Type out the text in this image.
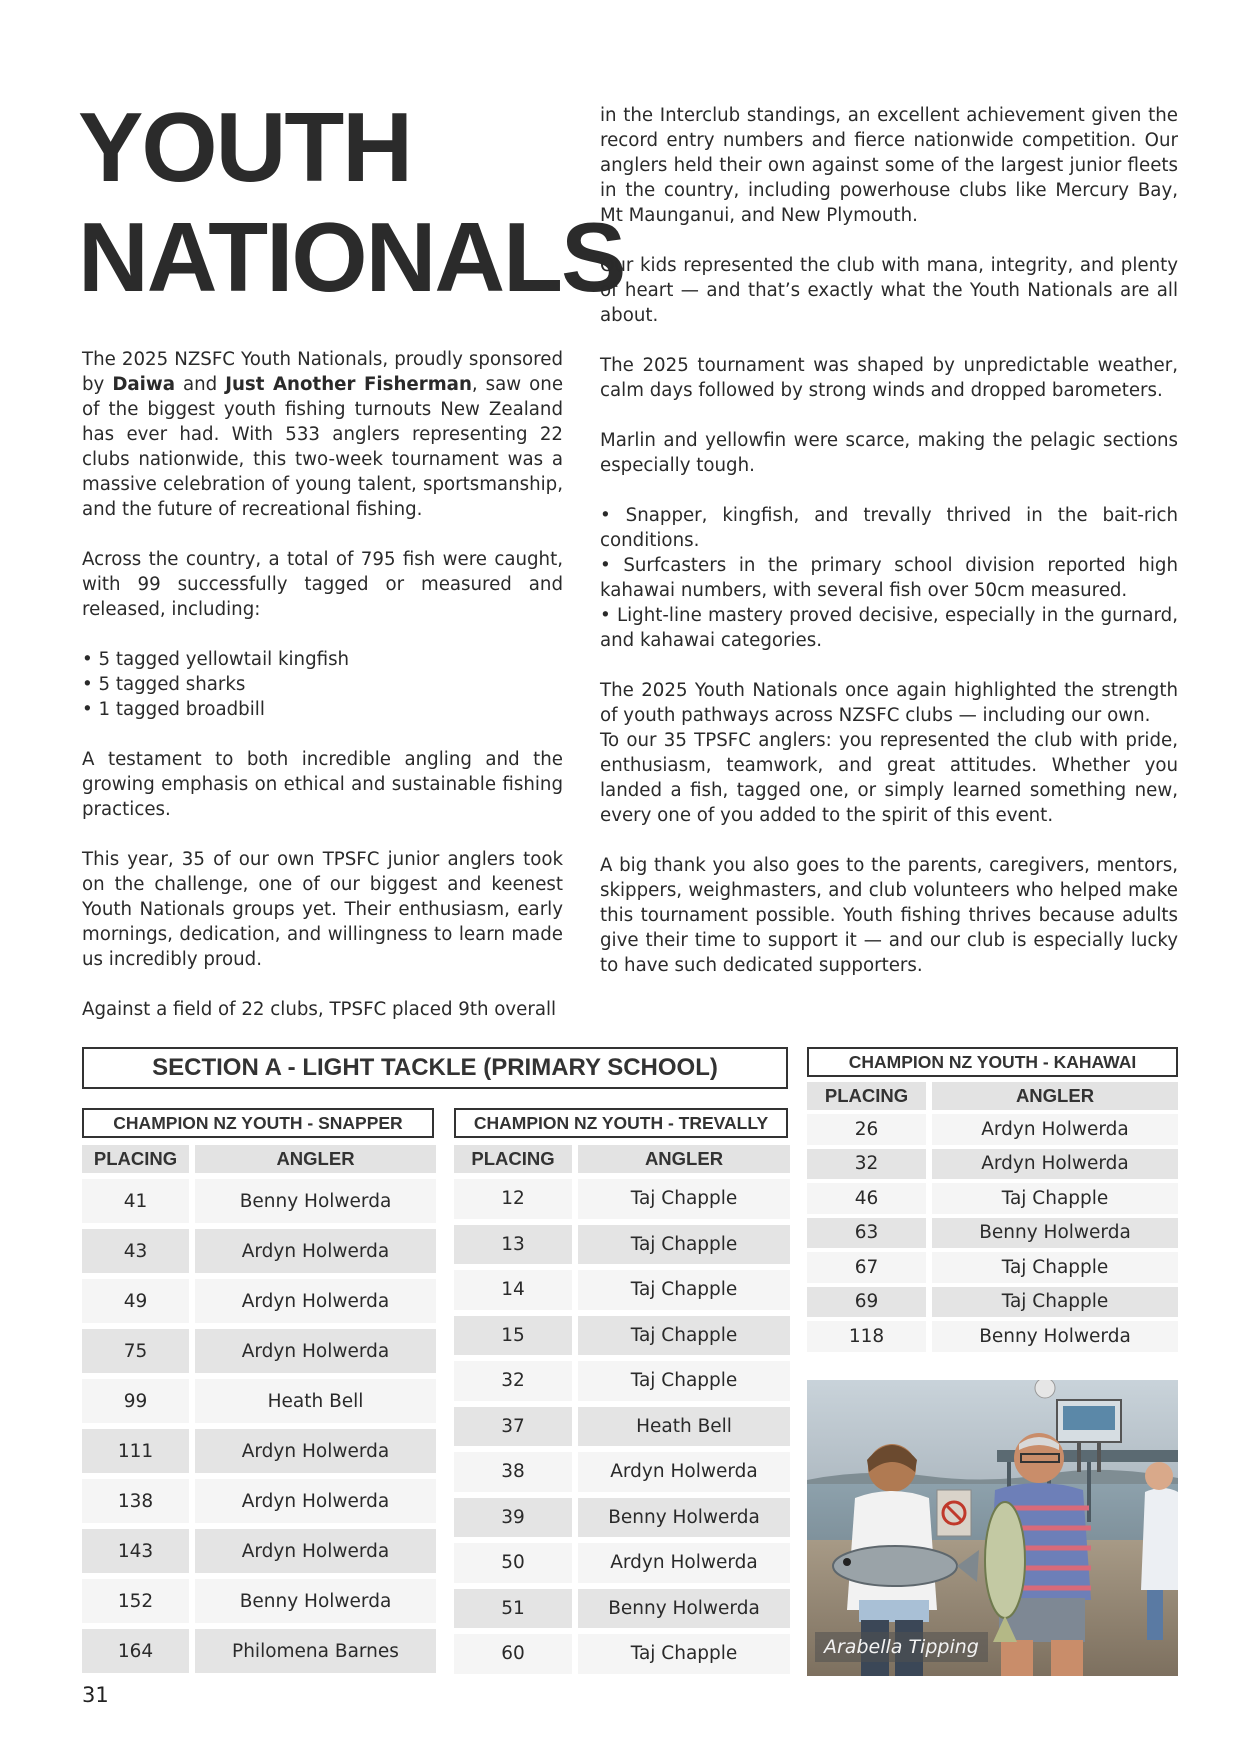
YOUTH
NATIONALS

The 2025 NZSFC Youth Nationals, proudly sponsored by Daiwa and Just Another Fisherman, saw one of the biggest youth fishing turnouts New Zealand has ever had. With 533 anglers representing 22 clubs nationwide, this two-week tournament was a massive celebration of young talent, sportsmanship, and the future of recreational fishing.

Across the country, a total of 795 fish were caught, with 99 successfully tagged or measured and released, including:

• 5 tagged yellowtail kingfish
• 5 tagged sharks
• 1 tagged broadbill

A testament to both incredible angling and the growing emphasis on ethical and sustainable fishing practices.

This year, 35 of our own TPSFC junior anglers took on the challenge, one of our biggest and keenest Youth Nationals groups yet. Their enthusiasm, early mornings, dedication, and willingness to learn made us incredibly proud.

Against a field of 22 clubs, TPSFC placed 9th overall

in the Interclub standings, an excellent achievement given the record entry numbers and fierce nationwide competition. Our anglers held their own against some of the largest junior fleets in the country, including powerhouse clubs like Mercury Bay, Mt Maunganui, and New Plymouth.

Our kids represented the club with mana, integrity, and plenty of heart — and that’s exactly what the Youth Nationals are all about.

The 2025 tournament was shaped by unpredictable weather, calm days followed by strong winds and dropped barometers.

Marlin and yellowfin were scarce, making the pelagic sections especially tough.

• Snapper, kingfish, and trevally thrived in the bait-rich conditions.
• Surfcasters in the primary school division reported high kahawai numbers, with several fish over 50cm measured.
• Light-line mastery proved decisive, especially in the gurnard, and kahawai categories.

The 2025 Youth Nationals once again highlighted the strength of youth pathways across NZSFC clubs — including our own.

To our 35 TPSFC anglers: you represented the club with pride, enthusiasm, teamwork, and great attitudes. Whether you landed a fish, tagged one, or simply learned something new, every one of you added to the spirit of this event.

A big thank you also goes to the parents, caregivers, mentors, skippers, weighmasters, and club volunteers who helped make this tournament possible. Youth fishing thrives because adults give their time to support it — and our club is especially lucky to have such dedicated supporters.

SECTION A - LIGHT TACKLE (PRIMARY SCHOOL)
CHAMPION NZ YOUTH - SNAPPER	CHAMPION NZ YOUTH - TREVALLY
CHAMPION NZ YOUTH - KAHAWAI
PLACING		ANGLER
41		Benny Holwerda
43		Ardyn Holwerda
49		Ardyn Holwerda
75		Ardyn Holwerda
99		Heath Bell
111		Ardyn Holwerda
138		Ardyn Holwerda
143		Ardyn Holwerda
152		Benny Holwerda
164		Philomena Barnes
PLACING		ANGLER
12		Taj Chapple
13		Taj Chapple
14		Taj Chapple
15		Taj Chapple
32		Taj Chapple
37		Heath Bell
38		Ardyn Holwerda
39		Benny Holwerda
50		Ardyn Holwerda
51		Benny Holwerda
60		Taj Chapple
PLACING		ANGLER
26		Ardyn Holwerda
32		Ardyn Holwerda
46		Taj Chapple
63		Benny Holwerda
67		Taj Chapple
69		Taj Chapple
118		Benny Holwerda
Arabella Tipping
31
